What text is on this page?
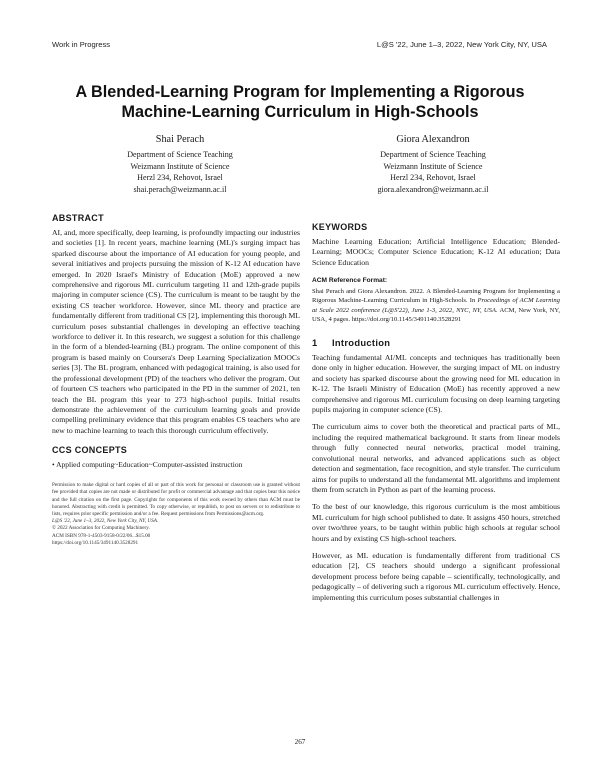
Work in Progress	L@S '22, June 1–3, 2022, New York City, NY, USA
A Blended-Learning Program for Implementing a Rigorous
Machine-Learning Curriculum in High-Schools
Shai Perach
Department of Science Teaching
Weizmann Institute of Science
Herzl 234, Rehovot, Israel
shai.perach@weizmann.ac.il
Giora Alexandron
Department of Science Teaching
Weizmann Institute of Science
Herzl 234, Rehovot, Israel
giora.alexandron@weizmann.ac.il
ABSTRACT

AI, and, more specifically, deep learning, is profoundly impacting our industries and societies [1]. In recent years, machine learning (ML)'s surging impact has sparked discourse about the importance of AI education for young people, and several initiatives and projects pursuing the mission of K-12 AI education have emerged. In 2020 Israel's Ministry of Education (MoE) approved a new comprehensive and rigorous ML curriculum targeting 11 and 12th-grade pupils majoring in computer science (CS). The curriculum is meant to be taught by the existing CS teacher workforce. However, since ML theory and practice are fundamentally different from traditional CS [2], implementing this thorough ML curriculum poses substantial challenges in developing an effective teaching workforce to deliver it. In this research, we suggest a solution for this challenge in the form of a blended-learning (BL) program. The online component of this program is based mainly on Coursera's Deep Learning Specialization MOOCs series [3]. The BL program, enhanced with pedagogical training, is also used for the professional development (PD) of the teachers who deliver the program. Out of fourteen CS teachers who participated in the PD in the summer of 2021, ten teach the BL program this year to 273 high-school pupils. Initial results demonstrate the achievement of the curriculum learning goals and provide compelling preliminary evidence that this program enables CS teachers who are new to machine learning to teach this thorough curriculum effectively.

CCS CONCEPTS
• Applied computing~Education~Computer-assisted instruction

Permission to make digital or hard copies of all or part of this work for personal or classroom use is granted without fee provided that copies are not made or distributed for profit or commercial advantage and that copies bear this notice and the full citation on the first page. Copyrights for components of this work owned by others than ACM must be honored. Abstracting with credit is permitted. To copy otherwise, or republish, to post on servers or to redistribute to lists, requires prior specific permission and/or a fee. Request permissions from Permissions@acm.org.

L@S '22, June 1–3, 2022, New York City, NY, USA.
© 2022 Association for Computing Machinery.
ACM ISBN 978-1-4503-9158-0/22/06...$15.00
https://doi.org/10.1145/3491140.3528291
KEYWORDS
Machine Learning Education; Artificial Intelligence Education; Blended-Learning; MOOCs; Computer Science Education; K-12 AI education; Data Science Education
ACM Reference Format:
Shai Perach and Giora Alexandron. 2022. A Blended-Learning Program for Implementing a Rigorous Machine-Learning Curriculum in High-Schools. In Proceedings of ACM Learning at Scale 2022 conference (L@S'22), June 1-3, 2022, NYC, NY, USA. ACM, New York, NY, USA, 4 pages. https://doi.org/10.1145/3491140.3528291
1 Introduction

Teaching fundamental AI/ML concepts and techniques has traditionally been done only in higher education. However, the surging impact of ML on industry and society has sparked discourse about the growing need for ML education in K-12. The Israeli Ministry of Education (MoE) has recently approved a new comprehensive and rigorous ML curriculum focusing on deep learning targeting pupils majoring in computer science (CS).

The curriculum aims to cover both the theoretical and practical parts of ML, including the required mathematical background. It starts from linear models through fully connected neural networks, practical model training, convolutional neural networks, and advanced applications such as object detection and segmentation, face recognition, and style transfer. The curriculum aims for pupils to understand all the fundamental ML algorithms and implement them from scratch in Python as part of the learning process.

To the best of our knowledge, this rigorous curriculum is the most ambitious ML curriculum for high school published to date. It assigns 450 hours, stretched over two/three years, to be taught within public high schools at regular school hours and by existing CS high-school teachers.

However, as ML education is fundamentally different from traditional CS education [2], CS teachers should undergo a significant professional development process before being capable – scientifically, technologically, and pedagogically – of delivering such a rigorous ML curriculum effectively. Hence, implementing this curriculum poses substantial challenges in

267
